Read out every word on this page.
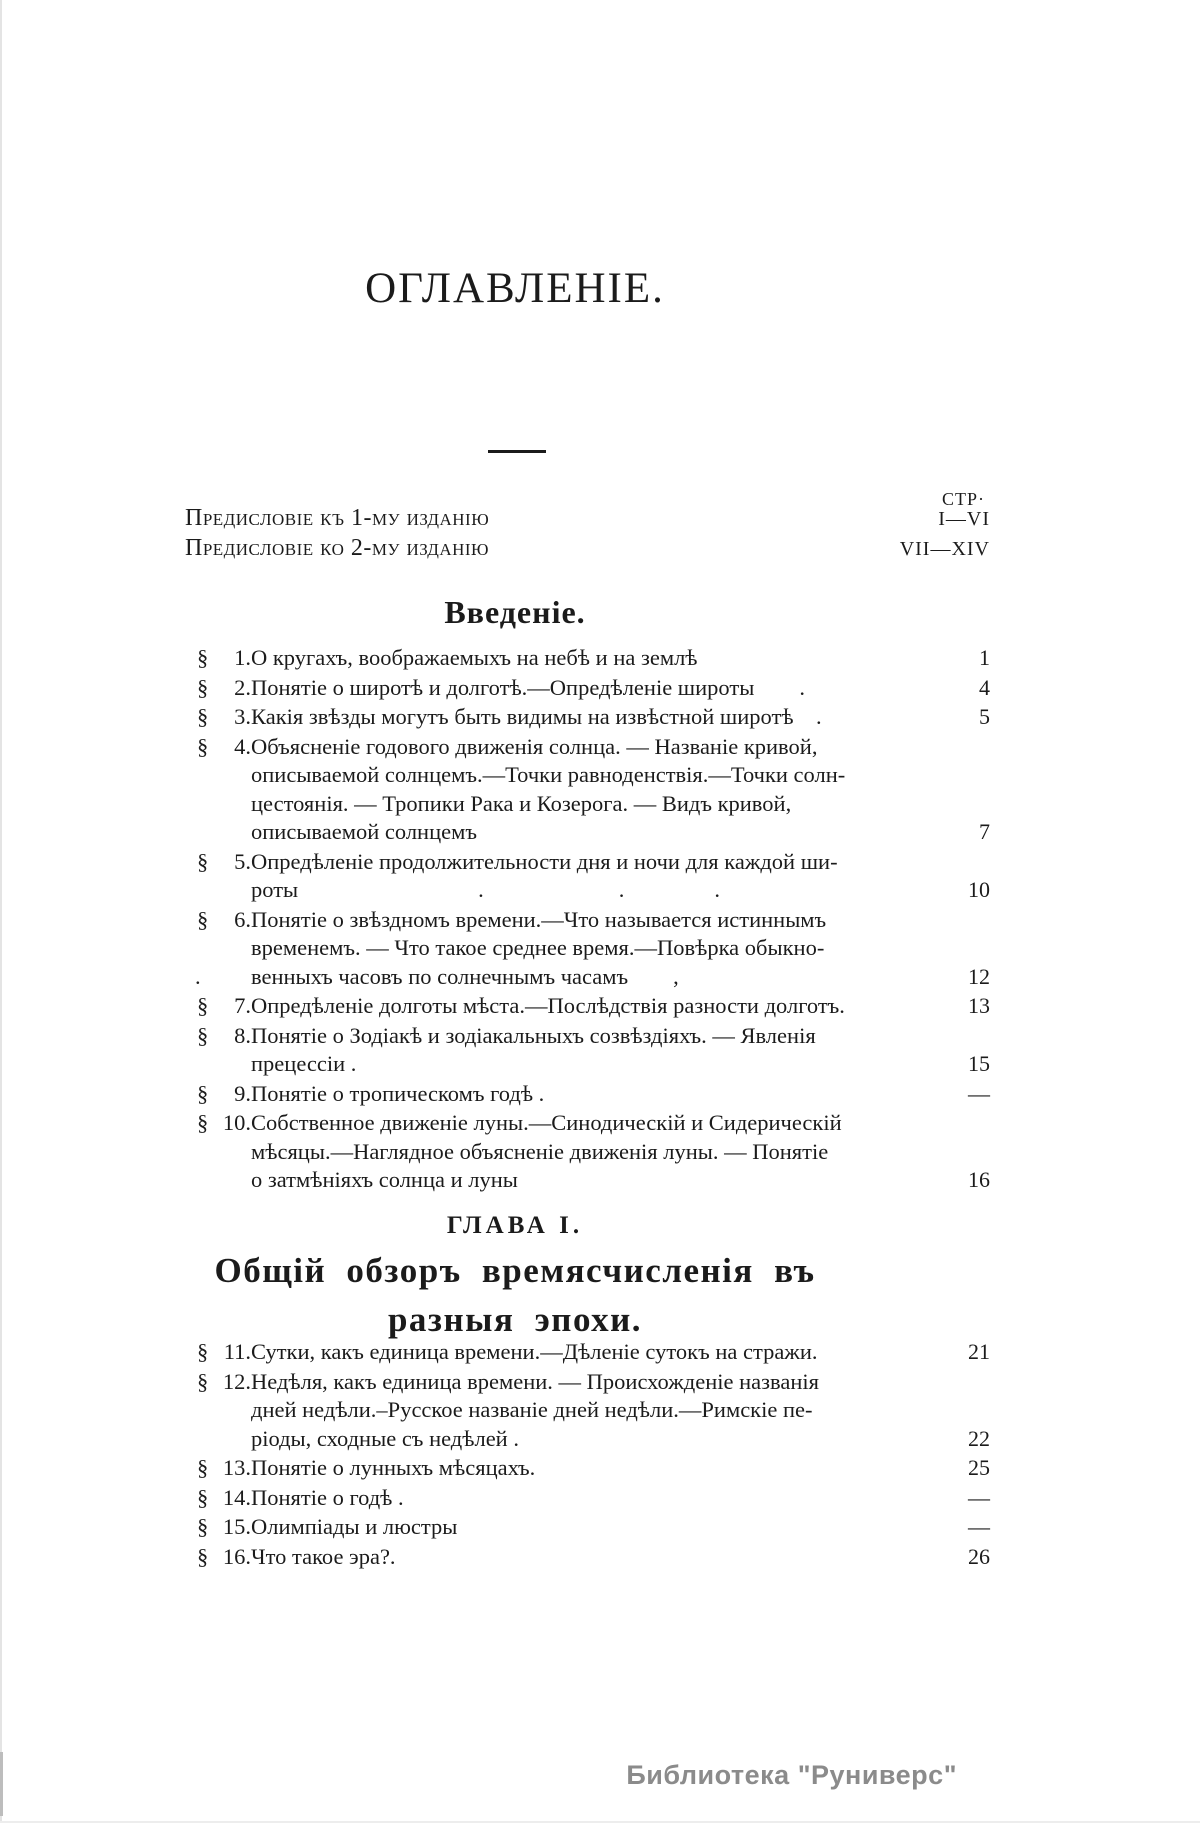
ОГЛАВЛЕНІЕ.
СТР·
Предисловіе къ 1-му изданію	I—VI
Предисловіе ко 2-му изданію	VII—XIV
Введеніе.
§	1. О кругахъ, воображаемыхъ на небѣ и на землѣ	1
§	2. Понятіе о широтѣ и долготѣ.—Опредѣленіе широты  .	4
§	3. Какія звѣзды могутъ быть видимы на извѣстной широтѣ .	5
§	4. Объясненіе годового движенія солнца. — Названіе кривой,
описываемой солнцемъ.—Точки равноденствія.—Точки солн-
цестоянія. — Тропики Рака и Козерога. — Видъ кривой,
описываемой солнцемъ	7
§	5. Опредѣленіе продолжительности дня и ночи для каждой ши-
роты        .      .    .	10
§	6. Понятіе о звѣздномъ времени.—Что называется истиннымъ
временемъ. — Что такое среднее время.—Повѣрка обыкно-
венныхъ часовъ по солнечнымъ часамъ  ,	12
.
§	7. Опредѣленіе долготы мѣста.—Послѣдствія разности долготъ.	13
§	8. Понятіе о Зодіакѣ и зодіакальныхъ созвѣздіяхъ. — Явленія
прецессіи .	15
§	9. Понятіе о тропическомъ годѣ .	—
§ 10. Собственное движеніе луны.—Синодическій и Сидерическій
мѣсяцы.—Наглядное объясненіе движенія луны. — Понятіе
о затмѣніяхъ солнца и луны	16
ГЛАВА I.
Общій обзоръ времясчисленія въ
разныя эпохи.
§ 11. Сутки, какъ единица времени.—Дѣленіе сутокъ на стражи.	21
§ 12. Недѣля, какъ единица времени. — Происхожденіе названія
дней недѣли.–Русское названіе дней недѣли.—Римскіе пе-
ріоды, сходные съ недѣлей .	22
§ 13. Понятіе о лунныхъ мѣсяцахъ.	25
§ 14. Понятіе о годѣ .	—
§ 15. Олимпіады и люстры	—
§ 16. Что такое эра?.	26
Библиотека "Руниверс"
